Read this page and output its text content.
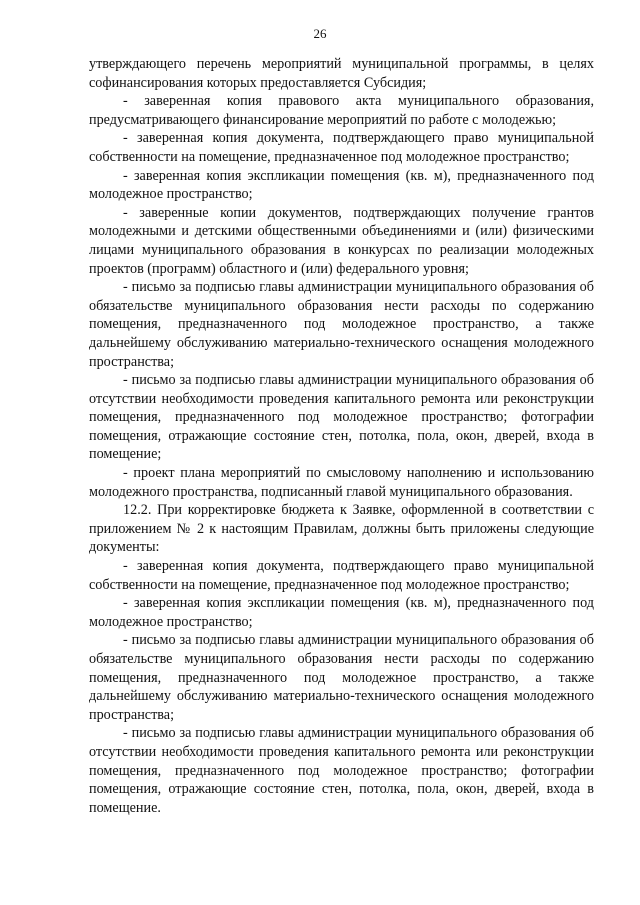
26

утверждающего перечень мероприятий муниципальной программы, в целях софинансирования которых предоставляется Субсидия;

- заверенная копия правового акта муниципального образования, предусматривающего финансирование мероприятий по работе с молодежью;

- заверенная копия документа, подтверждающего право муниципальной собственности на помещение, предназначенное под молодежное пространство;

- заверенная копия экспликации помещения (кв. м), предназначенного под молодежное пространство;

- заверенные копии документов, подтверждающих получение грантов молодежными и детскими общественными объединениями и (или) физическими лицами муниципального образования в конкурсах по реализации молодежных проектов (программ) областного и (или) федерального уровня;

- письмо за подписью главы администрации муниципального образования об обязательстве муниципального образования нести расходы по содержанию помещения, предназначенного под молодежное пространство, а также дальнейшему обслуживанию материально-технического оснащения молодежного пространства;

- письмо за подписью главы администрации муниципального образования об отсутствии необходимости проведения капитального ремонта или реконструкции помещения, предназначенного под молодежное пространство; фотографии помещения, отражающие состояние стен, потолка, пола, окон, дверей, входа в помещение;

- проект плана мероприятий по смысловому наполнению и использованию молодежного пространства, подписанный главой муниципального образования.

12.2. При корректировке бюджета к Заявке, оформленной в соответствии с приложением № 2 к настоящим Правилам, должны быть приложены следующие документы:

- заверенная копия документа, подтверждающего право муниципальной собственности на помещение, предназначенное под молодежное пространство;

- заверенная копия экспликации помещения (кв. м), предназначенного под молодежное пространство;

- письмо за подписью главы администрации муниципального образования об обязательстве муниципального образования нести расходы по содержанию помещения, предназначенного под молодежное пространство, а также дальнейшему обслуживанию материально-технического оснащения молодежного пространства;

- письмо за подписью главы администрации муниципального образования об отсутствии необходимости проведения капитального ремонта или реконструкции помещения, предназначенного под молодежное пространство; фотографии помещения, отражающие состояние стен, потолка, пола, окон, дверей, входа в помещение.
